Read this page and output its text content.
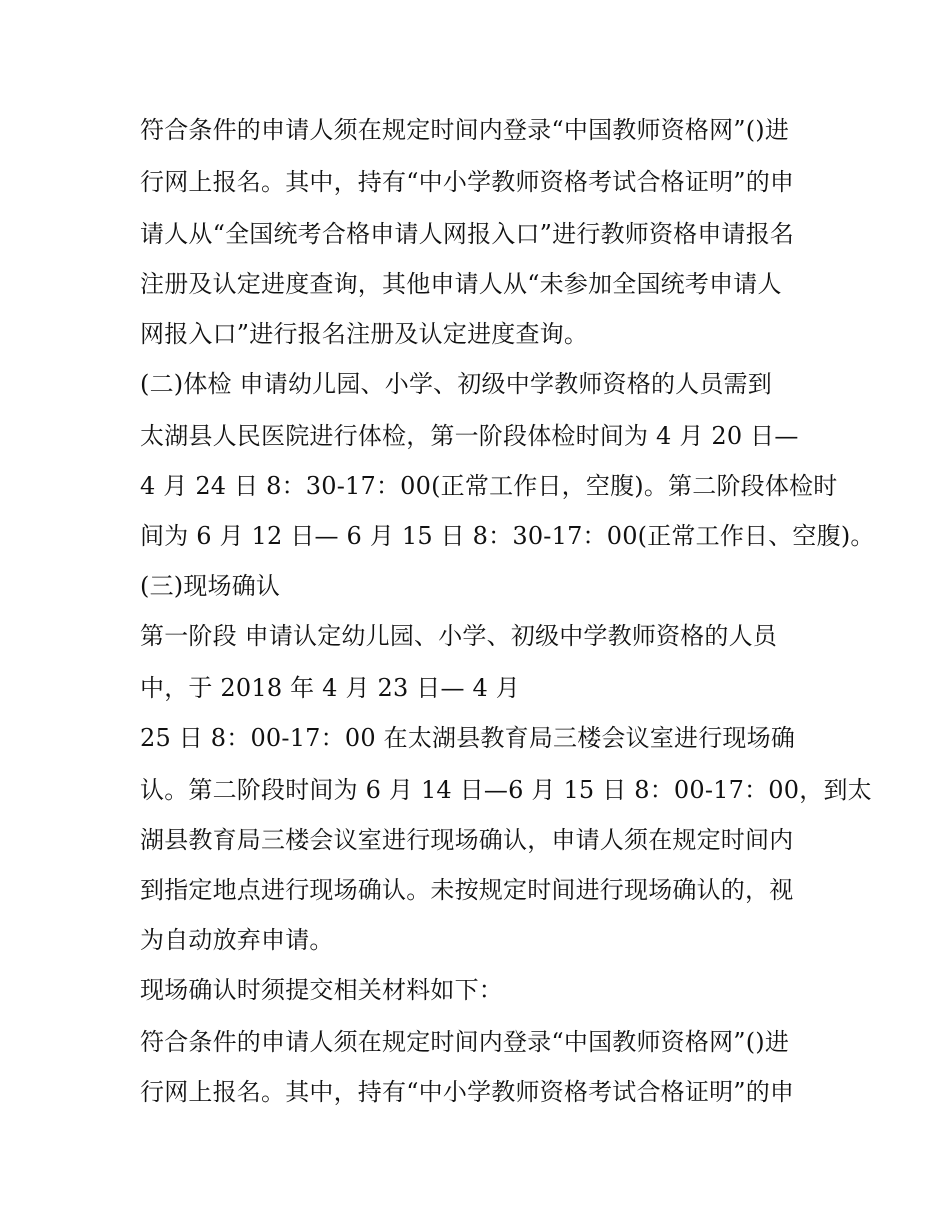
符合条件的申请人须在规定时间内登录“中国教师资格网”()进
行网上报名。其中，持有“中小学教师资格考试合格证明”的申
请人从“全国统考合格申请人网报入口”进行教师资格申请报名
注册及认定进度查询，其他申请人从“未参加全国统考申请人
网报入口”进行报名注册及认定进度查询。
(二)体检 申请幼儿园、小学、初级中学教师资格的人员需到
太湖县人民医院进行体检，第一阶段体检时间为 4 月 20 日—
4 月 24 日 8：30-17：00(正常工作日，空腹)。第二阶段体检时
间为 6 月 12 日— 6 月 15 日 8：30-17：00(正常工作日、空腹)。
(三)现场确认
第一阶段 申请认定幼儿园、小学、初级中学教师资格的人员
中，于 2018 年 4 月 23 日— 4 月
25 日 8：00-17：00 在太湖县教育局三楼会议室进行现场确
认。第二阶段时间为 6 月 14 日—6 月 15 日 8：00-17：00，到太
湖县教育局三楼会议室进行现场确认，申请人须在规定时间内
到指定地点进行现场确认。未按规定时间进行现场确认的，视
为自动放弃申请。
现场确认时须提交相关材料如下：
符合条件的申请人须在规定时间内登录“中国教师资格网”()进
行网上报名。其中，持有“中小学教师资格考试合格证明”的申
